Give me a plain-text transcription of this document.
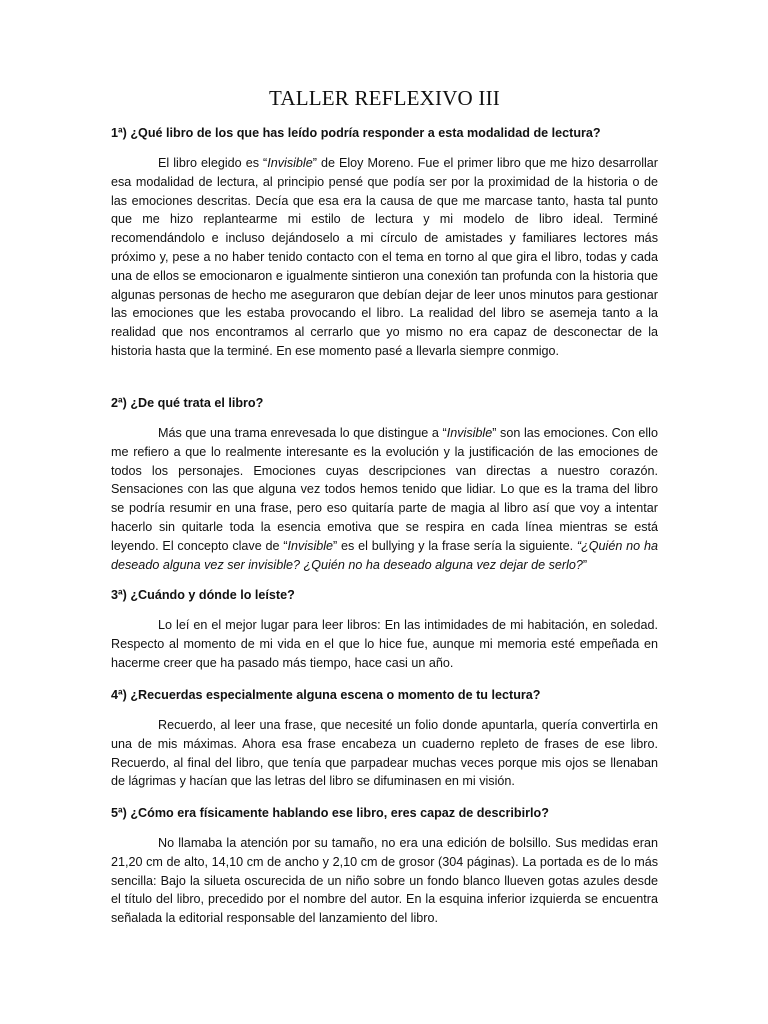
TALLER REFLEXIVO III
1ª) ¿Qué libro de los que has leído podría responder a esta modalidad de lectura?

El libro elegido es “Invisible” de Eloy Moreno. Fue el primer libro que me hizo desarrollar esa modalidad de lectura, al principio pensé que podía ser por la proximidad de la historia o de las emociones descritas. Decía que esa era la causa de que me marcase tanto, hasta tal punto que me hizo replantearme mi estilo de lectura y mi modelo de libro ideal. Terminé recomendándolo e incluso dejándoselo a mi círculo de amistades y familiares lectores más próximo y, pese a no haber tenido contacto con el tema en torno al que gira el libro, todas y cada una de ellos se emocionaron e igualmente sintieron una conexión tan profunda con la historia que algunas personas de hecho me aseguraron que debían dejar de leer unos minutos para gestionar las emociones que les estaba provocando el libro. La realidad del libro se asemeja tanto a la realidad que nos encontramos al cerrarlo que yo mismo no era capaz de desconectar de la historia hasta que la terminé. En ese momento pasé a llevarla siempre conmigo.

2ª) ¿De qué trata el libro?

Más que una trama enrevesada lo que distingue a “Invisible” son las emociones. Con ello me refiero a que lo realmente interesante es la evolución y la justificación de las emociones de todos los personajes. Emociones cuyas descripciones van directas a nuestro corazón. Sensaciones con las que alguna vez todos hemos tenido que lidiar. Lo que es la trama del libro se podría resumir en una frase, pero eso quitaría parte de magia al libro así que voy a intentar hacerlo sin quitarle toda la esencia emotiva que se respira en cada línea mientras se está leyendo. El concepto clave de “Invisible” es el bullying y la frase sería la siguiente. “¿Quién no ha deseado alguna vez ser invisible? ¿Quién no ha deseado alguna vez dejar de serlo?”

3ª) ¿Cuándo y dónde lo leíste?

Lo leí en el mejor lugar para leer libros: En las intimidades de mi habitación, en soledad. Respecto al momento de mi vida en el que lo hice fue, aunque mi memoria esté empeñada en hacerme creer que ha pasado más tiempo, hace casi un año.

4ª) ¿Recuerdas especialmente alguna escena o momento de tu lectura?

Recuerdo, al leer una frase, que necesité un folio donde apuntarla, quería convertirla en una de mis máximas. Ahora esa frase encabeza un cuaderno repleto de frases de ese libro. Recuerdo, al final del libro, que tenía que parpadear muchas veces porque mis ojos se llenaban de lágrimas y hacían que las letras del libro se difuminasen en mi visión.

5ª) ¿Cómo era físicamente hablando ese libro, eres capaz de describirlo?

No llamaba la atención por su tamaño, no era una edición de bolsillo. Sus medidas eran 21,20 cm de alto, 14,10 cm de ancho y 2,10 cm de grosor (304 páginas). La portada es de lo más sencilla: Bajo la silueta oscurecida de un niño sobre un fondo blanco llueven gotas azules desde el título del libro, precedido por el nombre del autor. En la esquina inferior izquierda se encuentra señalada la editorial responsable del lanzamiento del libro.
